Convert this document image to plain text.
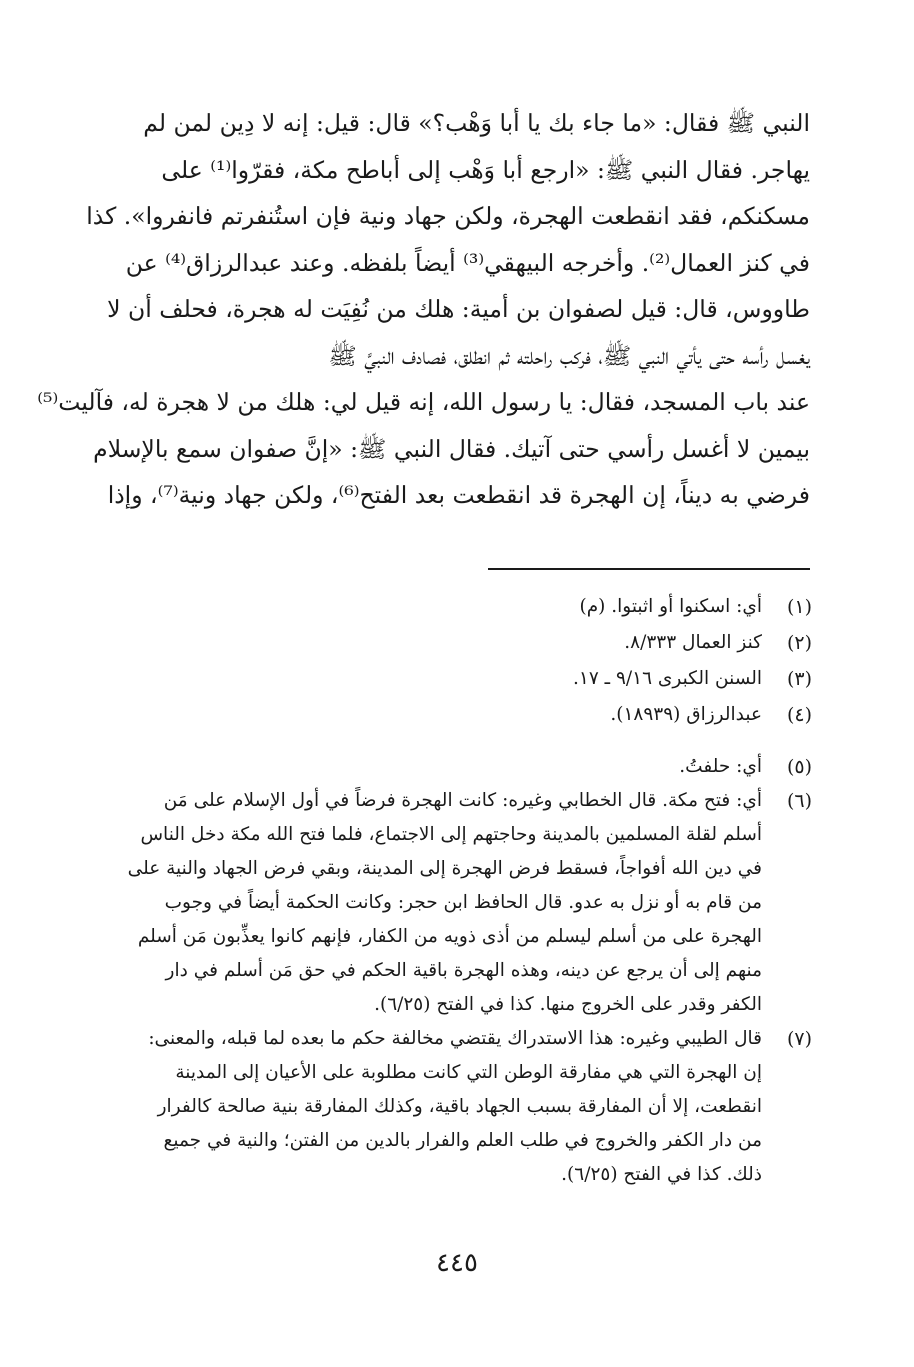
النبي ﷺ فقال: «ما جاء بك يا أبا وَهْب؟» قال: قيل: إنه لا دِين لمن لم
يهاجر. فقال النبي ﷺ: «ارجع أبا وَهْب إلى أباطح مكة، فقرّوا⁽¹⁾ على
مسكنكم، فقد انقطعت الهجرة، ولكن جهاد ونية فإن استُنفرتم فانفروا». كذا
في كنز العمال⁽²⁾. وأخرجه البيهقي⁽³⁾ أيضاً بلفظه. وعند عبدالرزاق⁽⁴⁾ عن
طاووس، قال: قيل لصفوان بن أمية: هلك من نُفِيَت له هجرة، فحلف أن لا
يغسل رأسه حتى يأتي النبي ﷺ، فركب راحلته ثم انطلق، فصادف النبيَّ ﷺ
عند باب المسجد، فقال: يا رسول الله، إنه قيل لي: هلك من لا هجرة له، فآليت⁽⁵⁾
بيمين لا أغسل رأسي حتى آتيك. فقال النبي ﷺ: «إنَّ صفوان سمع بالإسلام
فرضي به ديناً، إن الهجرة قد انقطعت بعد الفتح⁽⁶⁾، ولكن جهاد ونية⁽⁷⁾، وإذا
(١)
أي: اسكنوا أو اثبتوا. (م)
(٢)
كنز العمال ٨/٣٣٣.
(٣)
السنن الكبرى ٩/١٦ ـ ١٧.
(٤)
عبدالرزاق (١٨٩٣٩).
(٥)
أي: حلفتُ.
(٦)
أي: فتح مكة. قال الخطابي وغيره: كانت الهجرة فرضاً في أول الإسلام على مَن
أسلم لقلة المسلمين بالمدينة وحاجتهم إلى الاجتماع، فلما فتح الله مكة دخل الناس
في دين الله أفواجاً، فسقط فرض الهجرة إلى المدينة، وبقي فرض الجهاد والنية على
من قام به أو نزل به عدو. قال الحافظ ابن حجر: وكانت الحكمة أيضاً في وجوب
الهجرة على من أسلم ليسلم من أذى ذويه من الكفار، فإنهم كانوا يعذِّبون مَن أسلم
منهم إلى أن يرجع عن دينه، وهذه الهجرة باقية الحكم في حق مَن أسلم في دار
الكفر وقدر على الخروج منها. كذا في الفتح (٦/٢٥).
(٧)
قال الطيبي وغيره: هذا الاستدراك يقتضي مخالفة حكم ما بعده لما قبله، والمعنى:
إن الهجرة التي هي مفارقة الوطن التي كانت مطلوبة على الأعيان إلى المدينة
انقطعت، إلا أن المفارقة بسبب الجهاد باقية، وكذلك المفارقة بنية صالحة كالفرار
من دار الكفر والخروج في طلب العلم والفرار بالدين من الفتن؛ والنية في جميع
ذلك. كذا في الفتح (٦/٢٥).
٤٤٥
